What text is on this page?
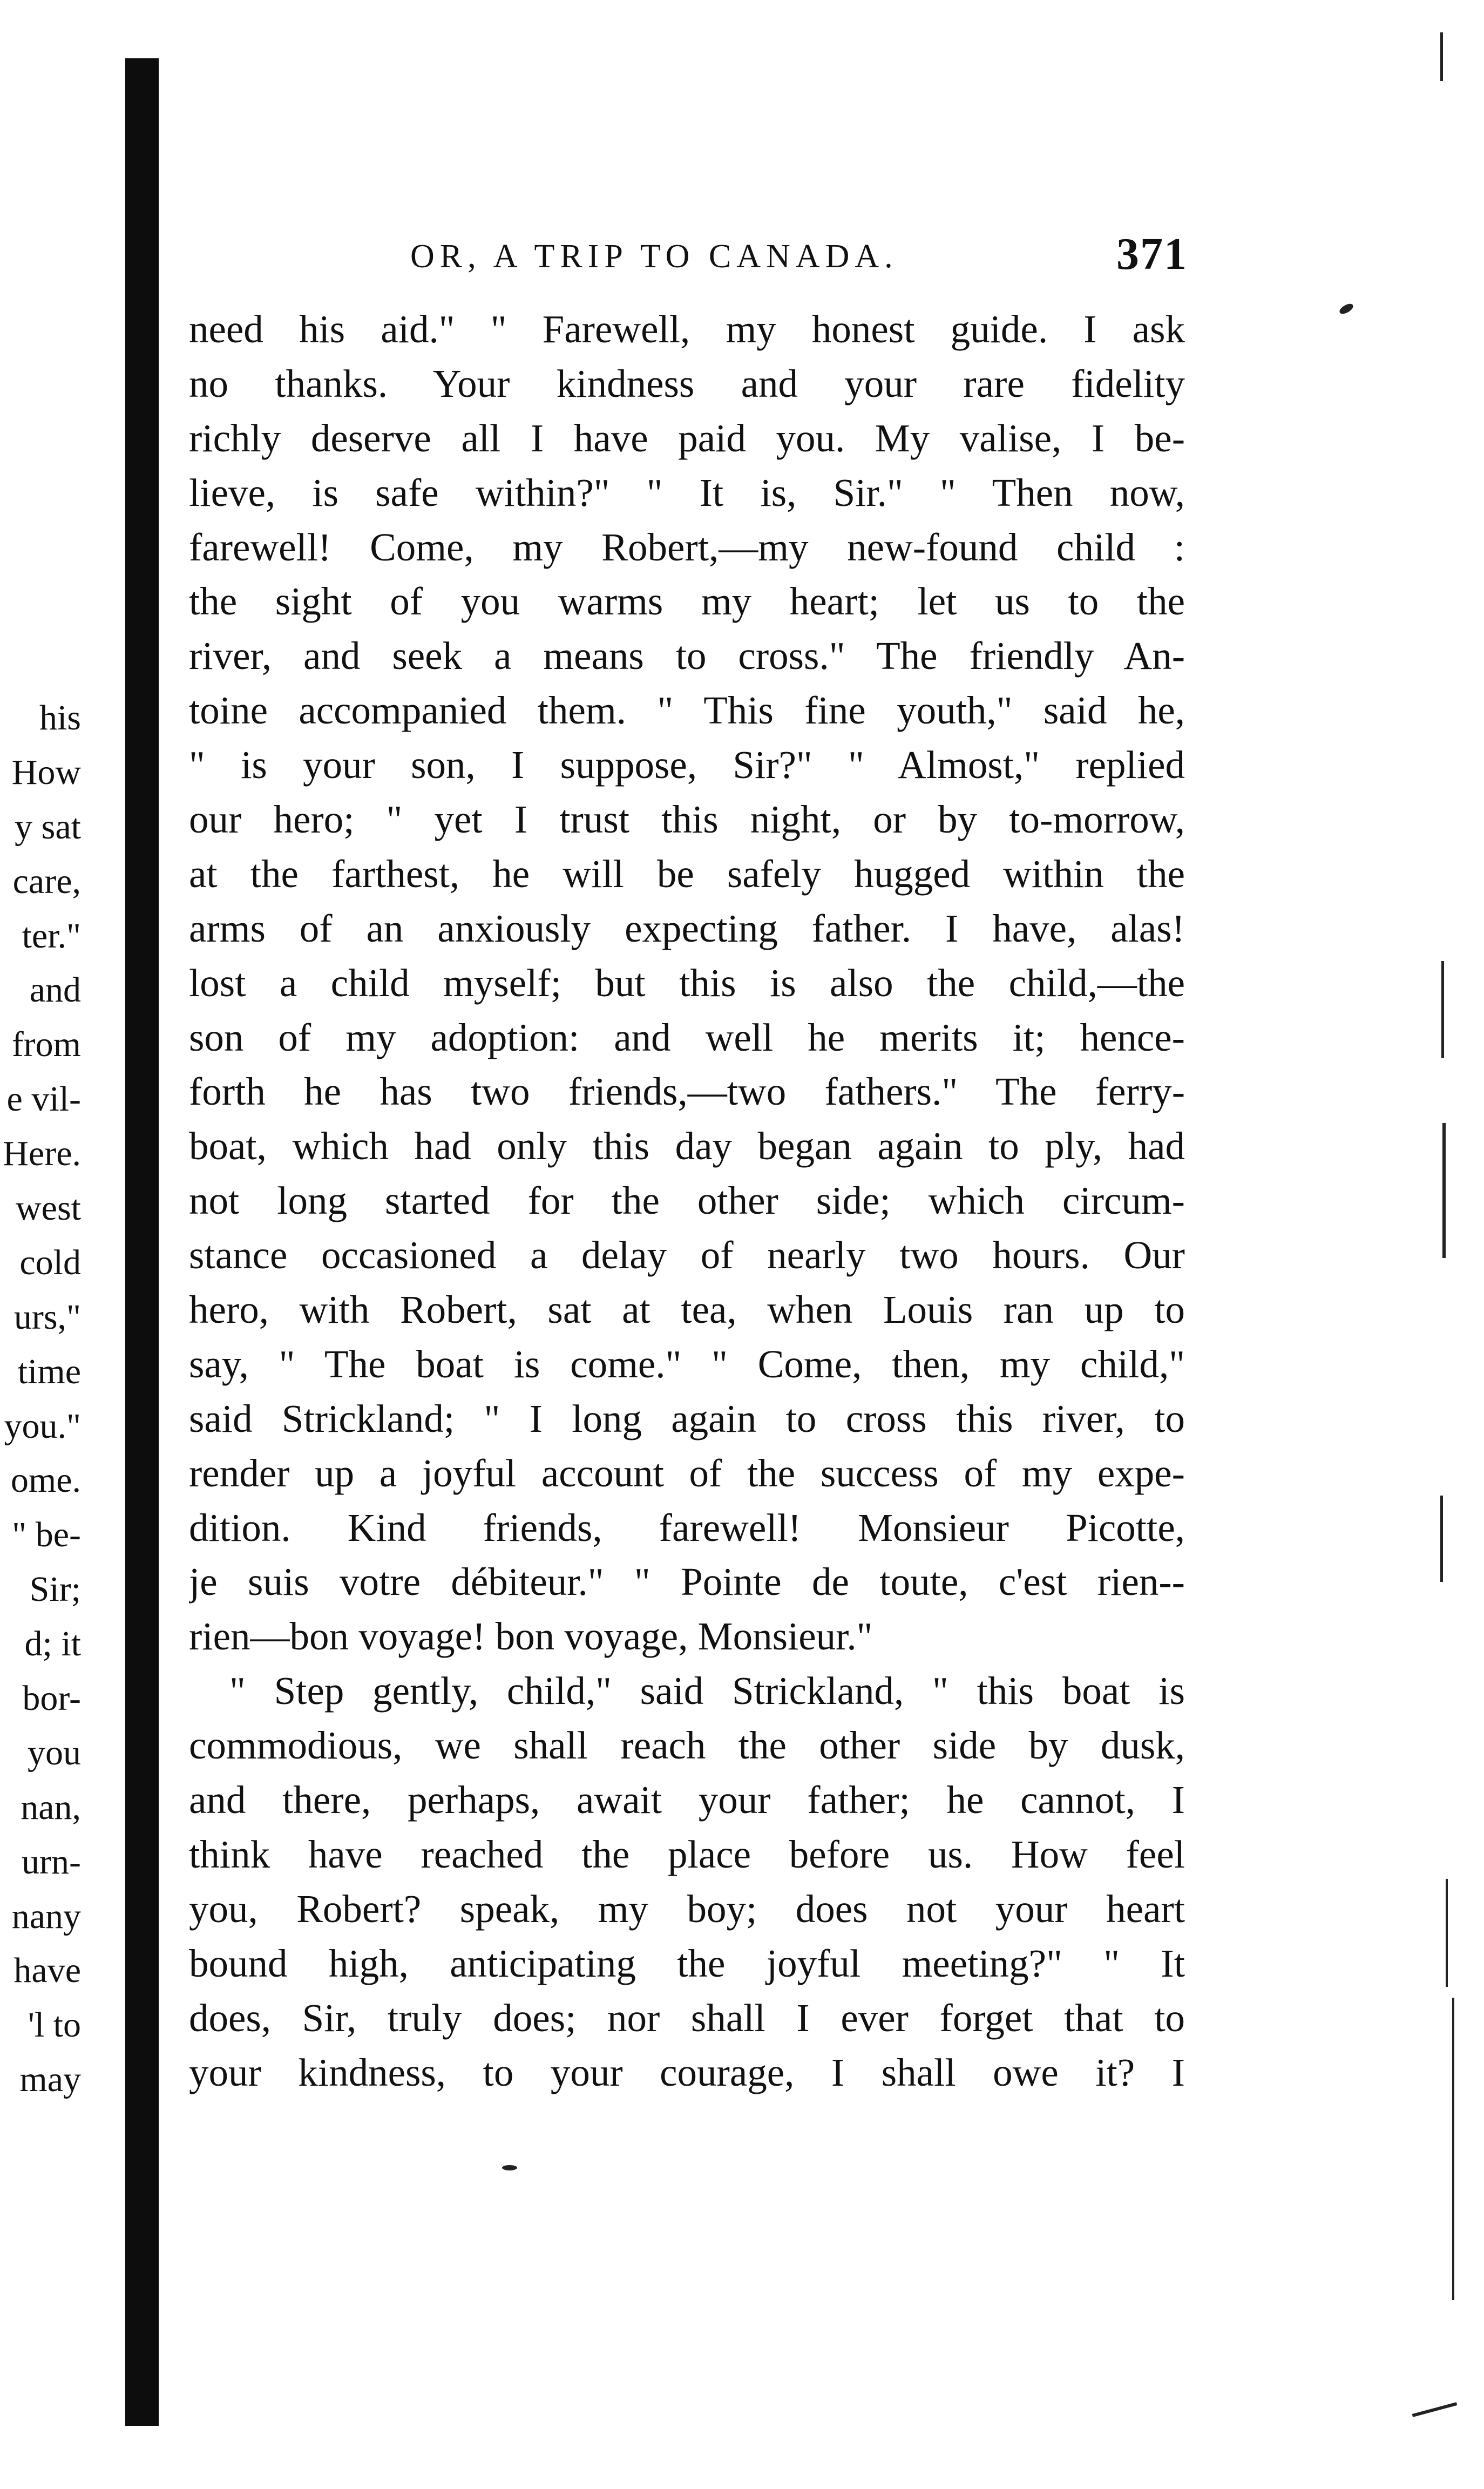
OR, A TRIP TO CANADA.	371
his
How
y sat
care,
ter."
and
from
e vil-
Here.
west
cold
urs,"
time
you."
ome.
" be-
Sir;
d; it
bor-
you
nan,
urn-
nany
have
'l to
may
need his aid." " Farewell, my honest guide. I ask
no thanks. Your kindness and your rare fidelity
richly deserve all I have paid you. My valise, I be-
lieve, is safe within?" " It is, Sir." " Then now,
farewell! Come, my Robert,—my new-found child :
the sight of you warms my heart; let us to the
river, and seek a means to cross." The friendly An-
toine accompanied them. " This fine youth," said he,
" is your son, I suppose, Sir?" " Almost," replied
our hero; " yet I trust this night, or by to-morrow,
at the farthest, he will be safely hugged within the
arms of an anxiously expecting father. I have, alas!
lost a child myself; but this is also the child,—the
son of my adoption: and well he merits it; hence-
forth he has two friends,—two fathers." The ferry-
boat, which had only this day began again to ply, had
not long started for the other side; which circum-
stance occasioned a delay of nearly two hours. Our
hero, with Robert, sat at tea, when Louis ran up to
say, " The boat is come." " Come, then, my child,"
said Strickland; " I long again to cross this river, to
render up a joyful account of the success of my expe-
dition. Kind friends, farewell! Monsieur Picotte,
je suis votre débiteur." " Pointe de toute, c'est rien--
rien—bon voyage! bon voyage, Monsieur."
" Step gently, child," said Strickland, " this boat is
commodious, we shall reach the other side by dusk,
and there, perhaps, await your father; he cannot, I
think have reached the place before us. How feel
you, Robert? speak, my boy; does not your heart
bound high, anticipating the joyful meeting?" " It
does, Sir, truly does; nor shall I ever forget that to
your kindness, to your courage, I shall owe it? I
